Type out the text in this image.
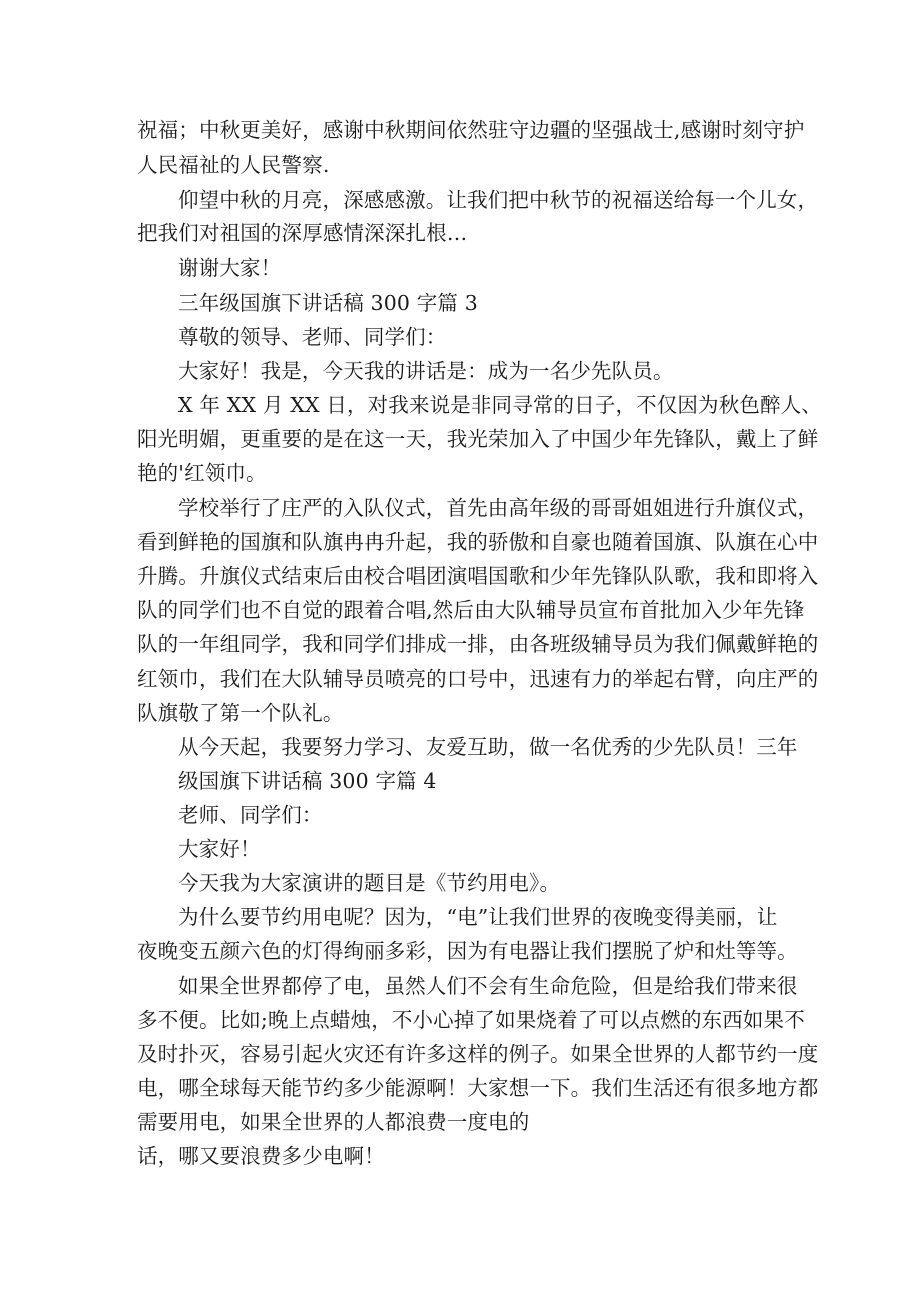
祝福；中秋更美好，感谢中秋期间依然驻守边疆的坚强战士,感谢时刻守护
人民福祉的人民警察.
仰望中秋的月亮，深感感激。让我们把中秋节的祝福送给每一个儿女，
把我们对祖国的深厚感情深深扎根…
谢谢大家！
三年级国旗下讲话稿 300 字篇 3
尊敬的领导、老师、同学们：
大家好！我是，今天我的讲话是：成为一名少先队员。
X 年 XX 月 XX 日，对我来说是非同寻常的日子，不仅因为秋色醉人、
阳光明媚，更重要的是在这一天，我光荣加入了中国少年先锋队，戴上了鲜
艳的'红领巾。
学校举行了庄严的入队仪式，首先由高年级的哥哥姐姐进行升旗仪式，
看到鲜艳的国旗和队旗冉冉升起，我的骄傲和自豪也随着国旗、队旗在心中
升腾。升旗仪式结束后由校合唱团演唱国歌和少年先锋队队歌，我和即将入
队的同学们也不自觉的跟着合唱,然后由大队辅导员宣布首批加入少年先锋
队的一年组同学，我和同学们排成一排，由各班级辅导员为我们佩戴鲜艳的
红领巾，我们在大队辅导员喷亮的口号中，迅速有力的举起右臂，向庄严的
队旗敬了第一个队礼。
从今天起，我要努力学习、友爱互助，做一名优秀的少先队员！三年
级国旗下讲话稿 300 字篇 4
老师、同学们：
大家好！
今天我为大家演讲的题目是《节约用电》。
为什么要节约用电呢？因为，“电”让我们世界的夜晚变得美丽，让
夜晚变五颜六色的灯得绚丽多彩，因为有电器让我们摆脱了炉和灶等等。
如果全世界都停了电，虽然人们不会有生命危险，但是给我们带来很
多不便。比如;晚上点蜡烛，不小心掉了如果烧着了可以点燃的东西如果不
及时扑灭，容易引起火灾还有许多这样的例子。如果全世界的人都节约一度
电，哪全球每天能节约多少能源啊！大家想一下。我们生活还有很多地方都
需要用电，如果全世界的人都浪费一度电的
话，哪又要浪费多少电啊！
